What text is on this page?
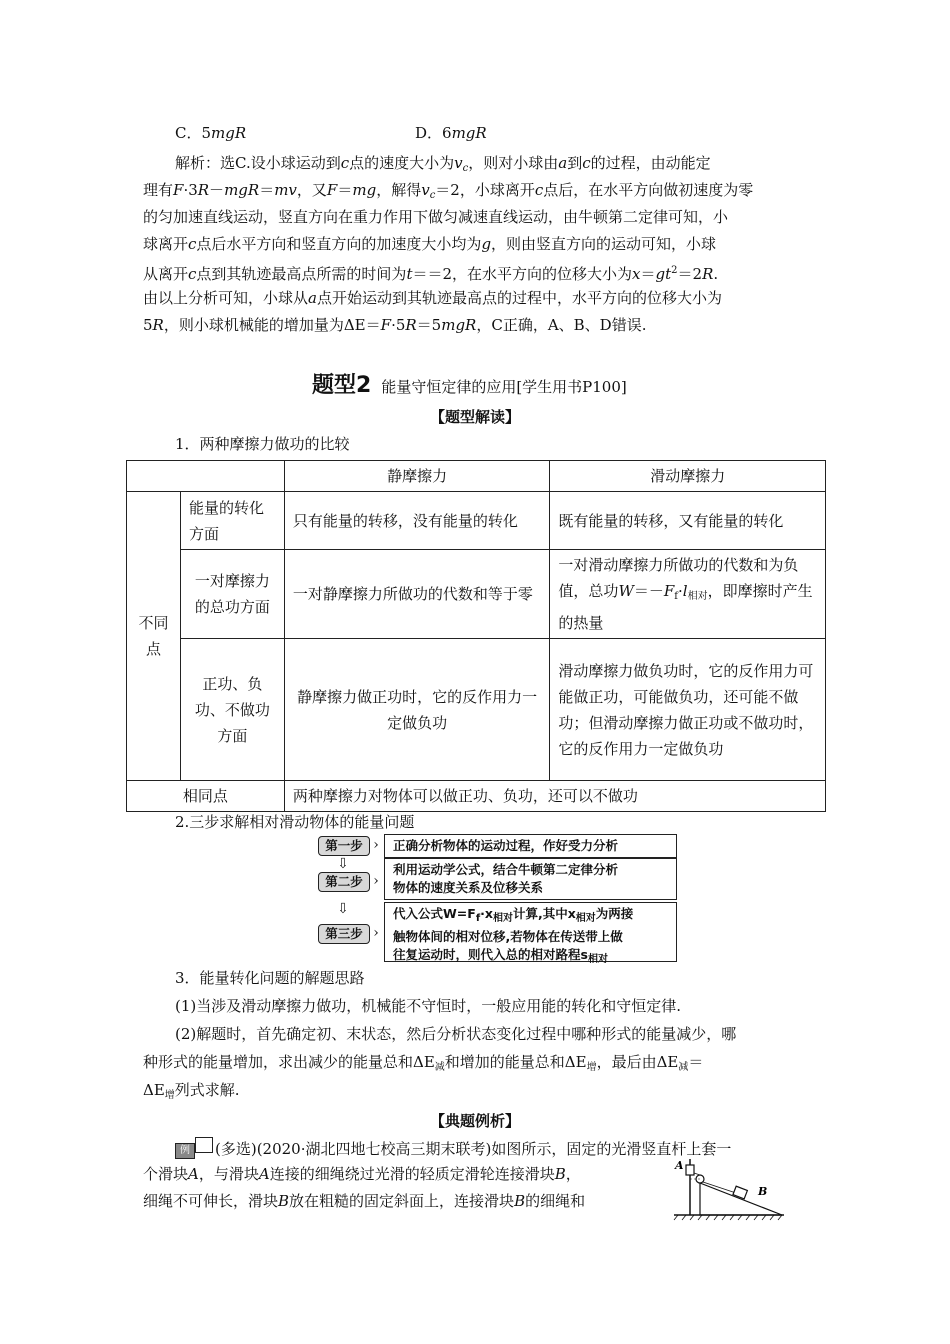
C．5mgR	D．6mgR
解析：选C.设小球运动到c点的速度大小为$v_c$，则对小球由a到c的过程，由动能定
理有F·3R－mgR＝mv，又F＝mg，解得$v_c=2$，小球离开c点后，在水平方向做初速度为零
的匀加速直线运动，竖直方向在重力作用下做匀减速直线运动，由牛顿第二定律可知，小
球离开c点后水平方向和竖直方向的加速度大小均为g，则由竖直方向的运动可知，小球
从离开c点到其轨迹最高点所需的时间为t＝＝2，在水平方向的位移大小为$x=gt^2=2R$.
由以上分析可知，小球从a点开始运动到其轨迹最高点的过程中，水平方向的位移大小为
5R，则小球机械能的增加量为ΔE＝F·5R＝5mgR，C正确，A、B、D错误.
题型2 能量守恒定律的应用[学生用书P100]
【题型解读】
1．两种摩擦力做功的比较
		静摩擦力	滑动摩擦力
不同点	能量的转化方面	只有能量的转移，没有能量的转化	既有能量的转移，又有能量的转化
	一对摩擦力的总功方面	一对静摩擦力所做功的代数和等于零	一对滑动摩擦力所做功的代数和为负值，总功$W=-F_f\cdot l_{相对}$，即摩擦时产生的热量
	正功、负功、不做功方面	静摩擦力做正功时，它的反作用力一定做负功	滑动摩擦力做负功时，它的反作用力可能做正功，可能做负功，还可能不做功；但滑动摩擦力做正功或不做功时，它的反作用力一定做负功
相同点		两种摩擦力对物体可以做正功、负功，还可以不做功	
2.三步求解相对滑动物体的能量问题
第一步 ›	正确分析物体的运动过程，作好受力分析
⇩
第二步 ›
利用运动学公式，结合牛顿第二定律分析
物体的速度关系及位移关系
⇩
第三步 ›
代入公式$W=F_f\cdot x_{相对}$计算,其中$x_{相对}$为两接
触物体间的相对位移,若物体在传送带上做
往复运动时，则代入总的相对路程$s_{相对}$
3．能量转化问题的解题思路
(1)当涉及滑动摩擦力做功，机械能不守恒时，一般应用能的转化和守恒定律.
(2)解题时，首先确定初、末状态，然后分析状态变化过程中哪种形式的能量减少，哪
种形式的能量增加，求出减少的能量总和$\Delta E_减$和增加的能量总和$\Delta E_增$，最后由$\Delta E_减=$
$\Delta E_增$列式求解.
【典题例析】
例 (多选)(2020·湖北四地七校高三期末联考)如图所示，固定的光滑竖直杆上套一
个滑块A，与滑块A连接的细绳绕过光滑的轻质定滑轮连接滑块B，
细绳不可伸长，滑块B放在粗糙的固定斜面上，连接滑块B的细绳和
A
B
